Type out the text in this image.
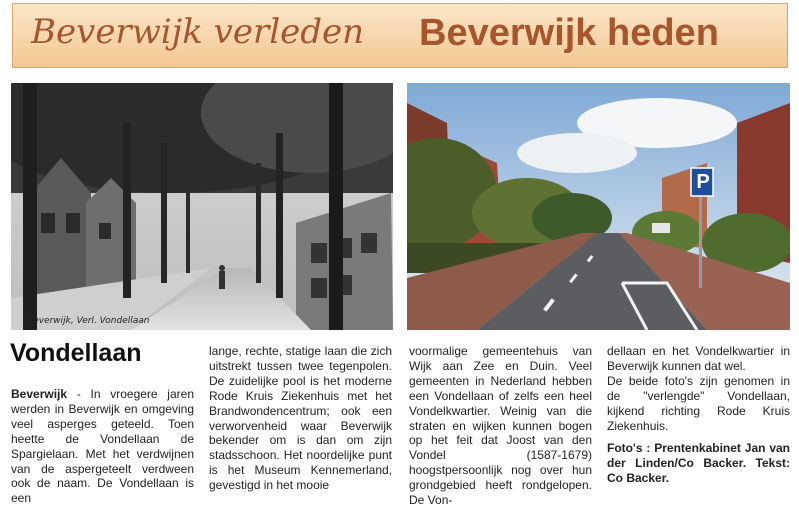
Beverwijk verleden Beverwijk heden
Beverwijk, Verl. Vondellaan
P
Vondellaan

Beverwijk - In vroegere jaren werden in Beverwijk en omgeving veel asperges geteeld. Toen heette de Vondellaan de Spargielaan. Met het verdwijnen van de aspergeteelt verdween ook de naam. De Vondellaan is een

lange, rechte, statige laan die zich uitstrekt tussen twee tegenpolen. De zuidelijke pool is het moderne Rode Kruis Ziekenhuis met het Brandwondencentrum; ook een verworvenheid waar Beverwijk bekender om is dan om zijn stadsschoon. Het noordelijke punt is het Museum Kennemerland, gevestigd in het mooie

voormalige gemeentehuis van Wijk aan Zee en Duin. Veel gemeenten in Nederland hebben een Vondellaan of zelfs een heel Vondelkwartier. Weinig van die straten en wijken kunnen bogen op het feit dat Joost van den Vondel (1587-1679) hoogstpersoonlijk nog over hun grondgebied heeft rondgelopen. De Von-

dellaan en het Vondelkwartier in Beverwijk kunnen dat wel.

De beide foto's zijn genomen in de "verlengde" Vondellaan, kijkend richting Rode Kruis Ziekenhuis.

Foto's : Prentenkabinet Jan van der Linden/Co Backer. Tekst: Co Backer.
